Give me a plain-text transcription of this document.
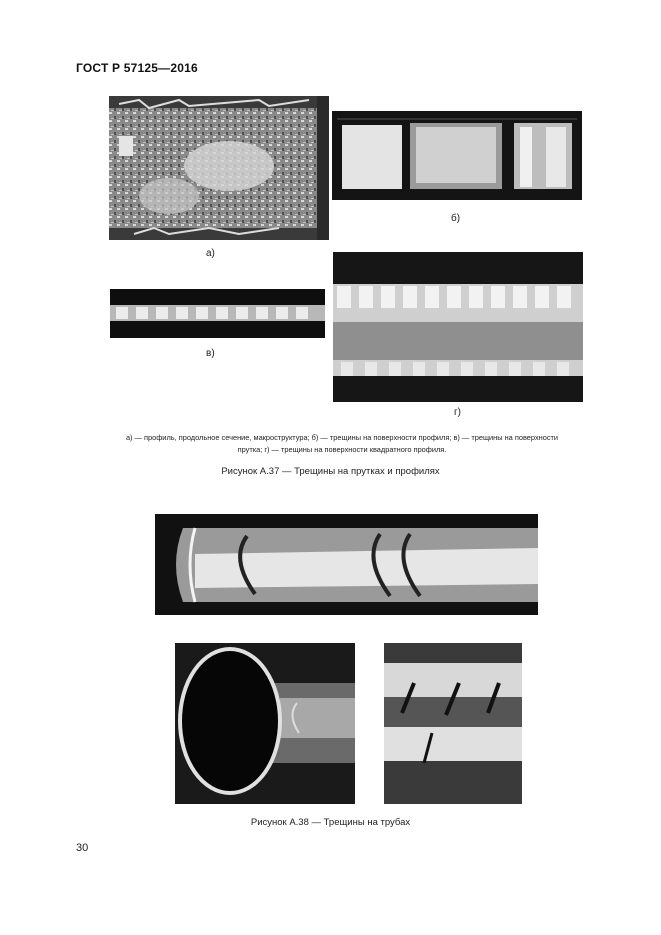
ГОСТ Р 57125—2016
а)
б)
в)
г)
а) — профиль, продольное сечение, макроструктура; б) — трещины на поверхности профиля; в) — трещины на поверхности
прутка; г) — трещины на поверхности квадратного профиля.
Рисунок А.37 — Трещины на прутках и профилях
Рисунок А.38 — Трещины на трубах
30
